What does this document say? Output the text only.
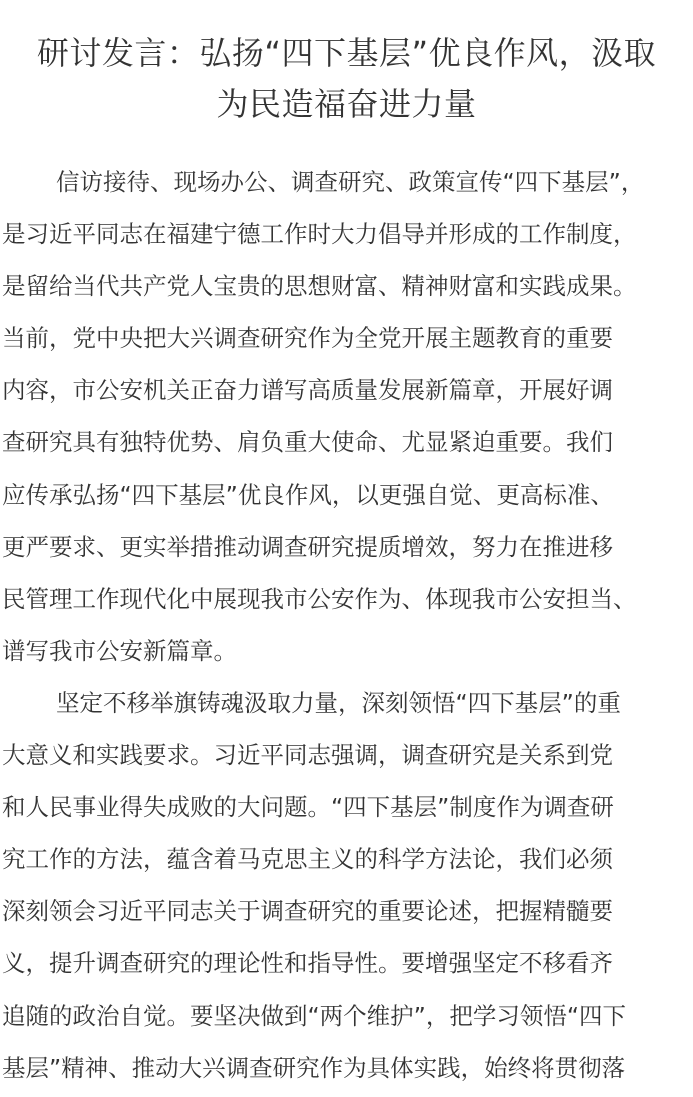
研讨发言：弘扬“四下基层”优良作风，汲取
为民造福奋进力量

信访接待、现场办公、调查研究、政策宣传“四下基层”，
是习近平同志在福建宁德工作时大力倡导并形成的工作制度，
是留给当代共产党人宝贵的思想财富、精神财富和实践成果。
当前，党中央把大兴调查研究作为全党开展主题教育的重要
内容，市公安机关正奋力谱写高质量发展新篇章，开展好调
查研究具有独特优势、肩负重大使命、尤显紧迫重要。我们
应传承弘扬“四下基层”优良作风，以更强自觉、更高标准、
更严要求、更实举措推动调查研究提质增效，努力在推进移
民管理工作现代化中展现我市公安作为、体现我市公安担当、
谱写我市公安新篇章。

坚定不移举旗铸魂汲取力量，深刻领悟“四下基层”的重
大意义和实践要求。习近平同志强调，调查研究是关系到党
和人民事业得失成败的大问题。“四下基层”制度作为调查研
究工作的方法，蕴含着马克思主义的科学方法论，我们必须
深刻领会习近平同志关于调查研究的重要论述，把握精髓要
义，提升调查研究的理论性和指导性。要增强坚定不移看齐
追随的政治自觉。要坚决做到“两个维护”，把学习领悟“四下
基层”精神、推动大兴调查研究作为具体实践，始终将贯彻落
